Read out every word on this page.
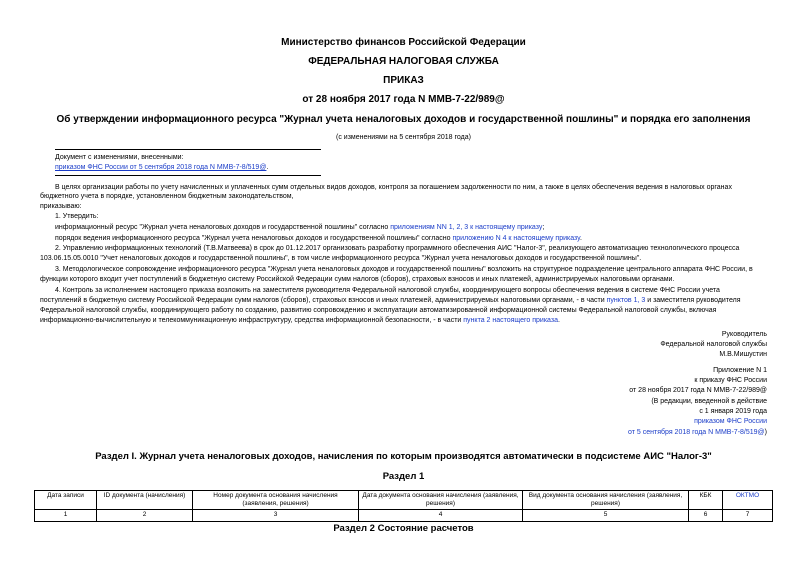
Министерство финансов Российской Федерации
ФЕДЕРАЛЬНАЯ НАЛОГОВАЯ СЛУЖБА
ПРИКАЗ
от 28 ноября 2017 года N ММВ-7-22/989@
Об утверждении информационного ресурса "Журнал учета неналоговых доходов и государственной пошлины" и порядка его заполнения
(с изменениями на 5 сентября 2018 года)
Документ с изменениями, внесенными:
приказом ФНС России от 5 сентября 2018 года N ММВ-7-8/519@.
В целях организации работы по учету начисленных и уплаченных сумм отдельных видов доходов, контроля за погашением задолженности по ним, а также в целях обеспечения ведения в налоговых органах
бюджетного учета в порядке, установленном бюджетным законодательством,
приказываю:
1. Утвердить:
информационный ресурс "Журнал учета неналоговых доходов и государственной пошлины" согласно приложениям NN 1, 2, 3 к настоящему приказу;
порядок ведения информационного ресурса "Журнал учета неналоговых доходов и государственной пошлины" согласно приложению N 4 к настоящему приказу.
2. Управлению информационных технологий (Т.В.Матвеева) в срок до 01.12.2017 организовать разработку программного обеспечения АИС "Налог-3", реализующего автоматизацию технологического процесса
103.06.15.05.0010 "Учет неналоговых доходов и государственной пошлины", в том числе информационного ресурса "Журнал учета неналоговых доходов и государственной пошлины".
3. Методологическое сопровождение информационного ресурса "Журнал учета неналоговых доходов и государственной пошлины" возложить на структурное подразделение центрального аппарата ФНС России, в
функции которого входит учет поступлений в бюджетную систему Российской Федерации сумм налогов (сборов), страховых взносов и иных платежей, администрируемых налоговыми органами.
4. Контроль за исполнением настоящего приказа возложить на заместителя руководителя Федеральной налоговой службы, координирующего вопросы обеспечения ведения в системе ФНС России учета
поступлений в бюджетную систему Российской Федерации сумм налогов (сборов), страховых взносов и иных платежей, администрируемых налоговыми органами, - в части пунктов 1, 3 и заместителя руководителя
Федеральной налоговой службы, координирующего работу по созданию, развитию сопровождению и эксплуатации автоматизированной информационной системы Федеральной налоговой службы, включая
информационно-вычислительную и телекоммуникационную инфраструктуру, средства информационной безопасности, - в части пункта 2 настоящего приказа.
Руководитель
Федеральной налоговой службы
М.В.Мишустин
Приложение N 1
к приказу ФНС России
от 28 ноября 2017 года N ММВ-7-22/989@
(В редакции, введенной в действие
с 1 января 2019 года
приказом ФНС России
от 5 сентября 2018 года N ММВ-7-8/519@)
Раздел I. Журнал учета неналоговых доходов, начисления по которым производятся автоматически в подсистеме АИС "Налог-3"
Раздел 1
Дата записи	ID документа (начисления)	Номер документа основания начисления (заявления, решения)	Дата документа основания начисления (заявления, решения)	Вид документа основания начисления (заявления, решения)	КБК	ОКТМО
1	2	3	4	5	6	7
Раздел 2 Состояние расчетов
